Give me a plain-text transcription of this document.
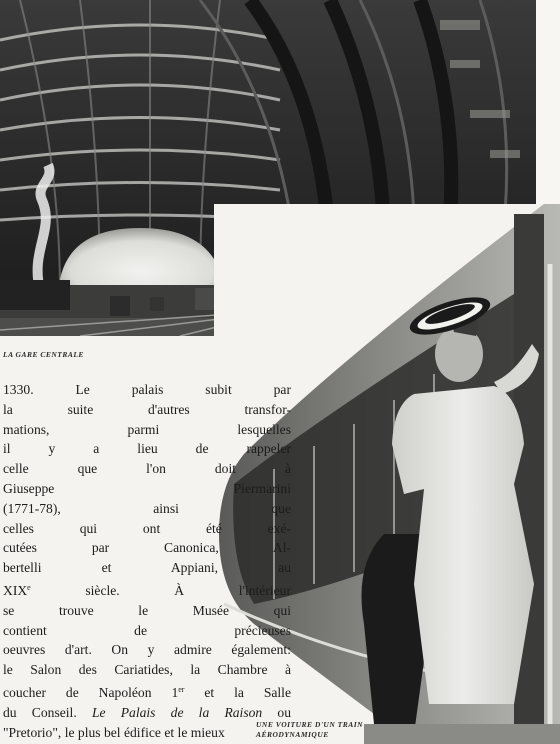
LA GARE CENTRALE
1330. Le palais subit par
la suite d'autres transfor-
mations, parmi lesquelles
il y a lieu de rappeler
celle que l'on doit à
Giuseppe Piermarini
(1771-78), ainsi que
celles qui ont été exé-
cutées par Canonica, Al-
bertelli et Appiani, au
XIXe	siècle. À l'intérieur
se trouve le Musée qui
contient de précieuses
oeuvres d'art. On y admire également:
le Salon des Cariatides, la Chambre à
coucher de Napoléon 1er et la Salle
du Conseil. Le Palais de la Raison ou
"Pretorio", le plus bel édifice et le mieux
UNE VOITURE D'UN TRAIN
AÉRODYNAMIQUE
